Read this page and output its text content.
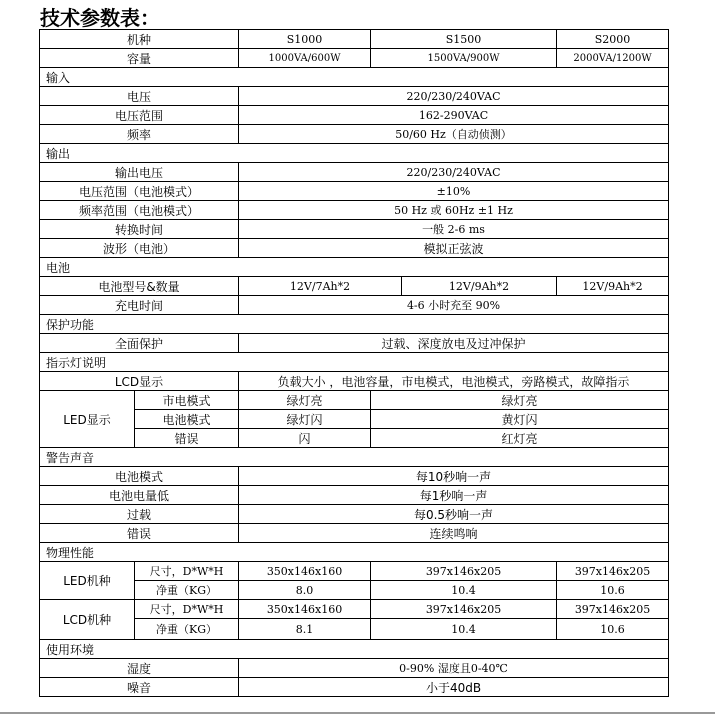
技术参数表：
机种		S1000	S1500		S2000
容量		1000VA/600W	1500VA/900W		2000VA/1200W
输入					
电压		220/230/240VAC			
电压范围		162-290VAC			
频率		50/60 Hz（自动侦测）			
输出					
输出电压		220/230/240VAC			
电压范围（电池模式）		±10%			
频率范围（电池模式）		50 Hz 或 60Hz ±1 Hz			
转换时间		一般 2-6 ms			
波形（电池）		模拟正弦波			
电池					
电池型号&数量		12V/7Ah*2		12V/9Ah*2	12V/9Ah*2
充电时间		4-6 小时充至 90%			
保护功能					
全面保护		过载、深度放电及过冲保护			
指示灯说明					
LCD显示		负载大小 ，电池容量，市电模式，电池模式，旁路模式，故障指示			
LED显示	市电模式	绿灯亮	绿灯亮		
	电池模式	绿灯闪	黄灯闪		
	错误	闪	红灯亮		
警告声音					
电池模式		每10秒响一声			
电池电量低		每1秒响一声			
过载		每0.5秒响一声			
错误		连续鸣响			
物理性能					
LED机种	尺寸，D*W*H	350x146x160	397x146x205		397x146x205
	净重（KG）	8.0	10.4		10.6
LCD机种	尺寸，D*W*H	350x146x160	397x146x205		397x146x205
	净重（KG）	8.1	10.4		10.6
使用环境					
湿度		0-90% 湿度且0-40℃			
噪音		小于40dB			
